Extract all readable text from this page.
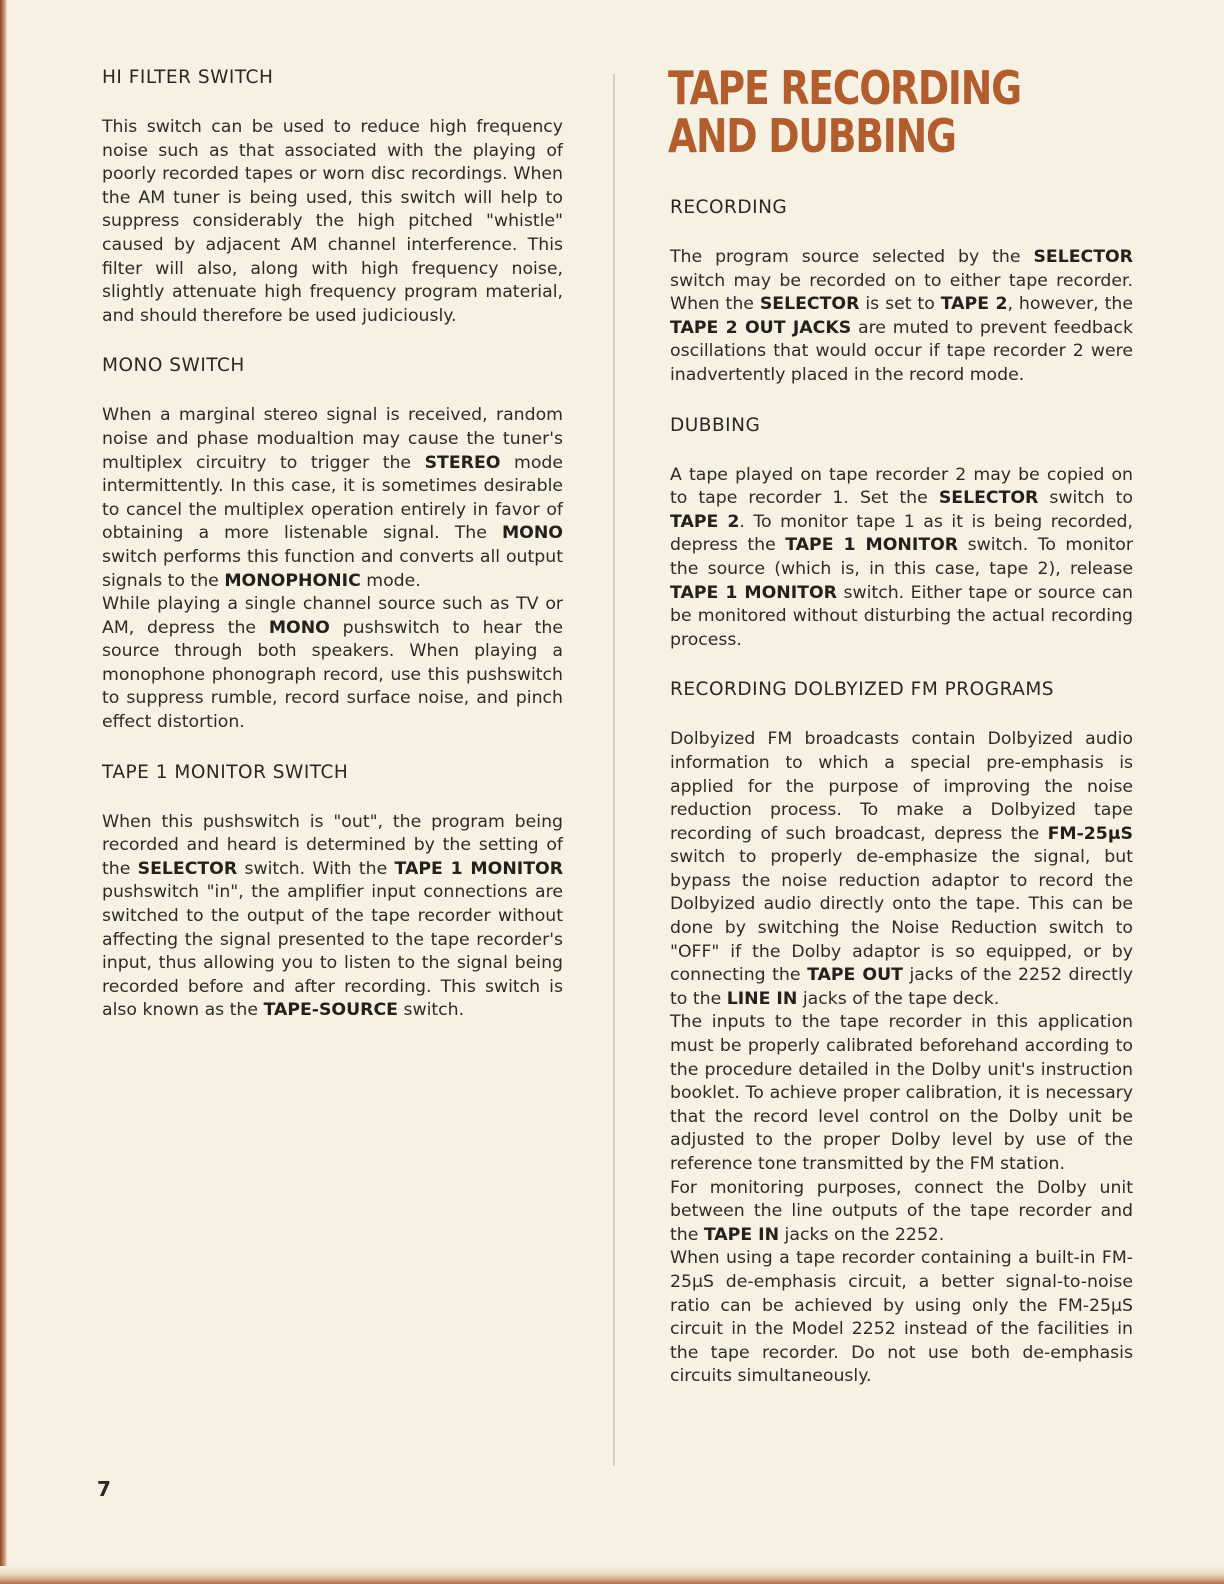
HI FILTER SWITCH

This switch can be used to reduce high frequency noise such as that associated with the playing of poorly recorded tapes or worn disc recordings. When the AM tuner is being used, this switch will help to suppress considerably the high pitched "whistle" caused by adjacent AM channel interference. This filter will also, along with high frequency noise, slightly attenuate high frequency program material, and should therefore be used judiciously.

MONO SWITCH

When a marginal stereo signal is received, random noise and phase modualtion may cause the tuner's multiplex circuitry to trigger the STEREO mode intermittently. In this case, it is sometimes desirable to cancel the multiplex operation entirely in favor of obtaining a more listenable signal. The MONO switch performs this function and converts all output signals to the MONOPHONIC mode.

While playing a single channel source such as TV or AM, depress the MONO pushswitch to hear the source through both speakers. When playing a monophone phonograph record, use this pushswitch to suppress rumble, record surface noise, and pinch effect distortion.

TAPE 1 MONITOR SWITCH

When this pushswitch is "out", the program being recorded and heard is determined by the setting of the SELECTOR switch. With the TAPE 1 MONITOR pushswitch "in", the amplifier input connections are switched to the output of the tape recorder without affecting the signal presented to the tape recorder's input, thus allowing you to listen to the signal being recorded before and after recording. This switch is also known as the TAPE-SOURCE switch.

TAPE RECORDING
AND DUBBING
RECORDING

The program source selected by the SELECTOR switch may be recorded on to either tape recorder. When the SELECTOR is set to TAPE 2, however, the TAPE 2 OUT JACKS are muted to prevent feedback oscillations that would occur if tape recorder 2 were inadvertently placed in the record mode.

DUBBING

A tape played on tape recorder 2 may be copied on to tape recorder 1. Set the SELECTOR switch to TAPE 2. To monitor tape 1 as it is being recorded, depress the TAPE 1 MONITOR switch. To monitor the source (which is, in this case, tape 2), release TAPE 1 MONITOR switch. Either tape or source can be monitored without disturbing the actual recording process.

RECORDING DOLBYIZED FM PROGRAMS

Dolbyized FM broadcasts contain Dolbyized audio information to which a special pre-emphasis is applied for the purpose of improving the noise reduction process. To make a Dolbyized tape recording of such broadcast, depress the FM-25µS switch to properly de-emphasize the signal, but bypass the noise reduction adaptor to record the Dolbyized audio directly onto the tape. This can be done by switching the Noise Reduction switch to "OFF" if the Dolby adaptor is so equipped, or by connecting the TAPE OUT jacks of the 2252 directly to the LINE IN jacks of the tape deck.

The inputs to the tape recorder in this application must be properly calibrated beforehand according to the procedure detailed in the Dolby unit's instruction booklet. To achieve proper calibration, it is necessary that the record level control on the Dolby unit be adjusted to the proper Dolby level by use of the reference tone transmitted by the FM station.

For monitoring purposes, connect the Dolby unit between the line outputs of the tape recorder and the TAPE IN jacks on the 2252.

When using a tape recorder containing a built-in FM-25µS de-emphasis circuit, a better signal-to-noise ratio can be achieved by using only the FM-25µS circuit in the Model 2252 instead of the facilities in the tape recorder. Do not use both de-emphasis circuits simultaneously.

7
